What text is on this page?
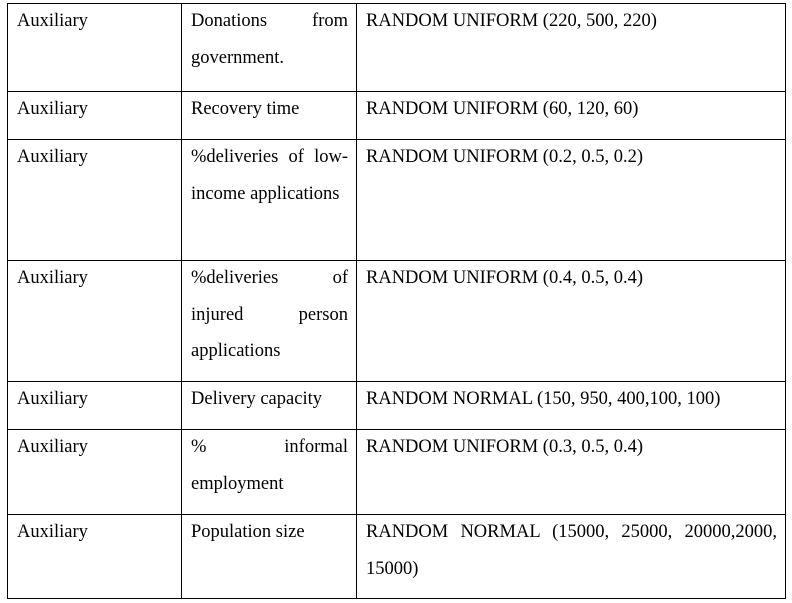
Auxiliary	Donations from government.	RANDOM UNIFORM (220, 500, 220)

Auxiliary	Recovery time	RANDOM UNIFORM (60, 120, 60)

Auxiliary	%deliveries of low-income applications	RANDOM UNIFORM (0.2, 0.5, 0.2)

Auxiliary	%deliveries of injured person applications	RANDOM UNIFORM (0.4, 0.5, 0.4)

Auxiliary	Delivery capacity	RANDOM NORMAL (150, 950, 400,100, 100)

Auxiliary	% informal employment	RANDOM UNIFORM (0.3, 0.5, 0.4)

Auxiliary	Population size	RANDOM NORMAL (15000, 25000, 20000,2000, 15000)
